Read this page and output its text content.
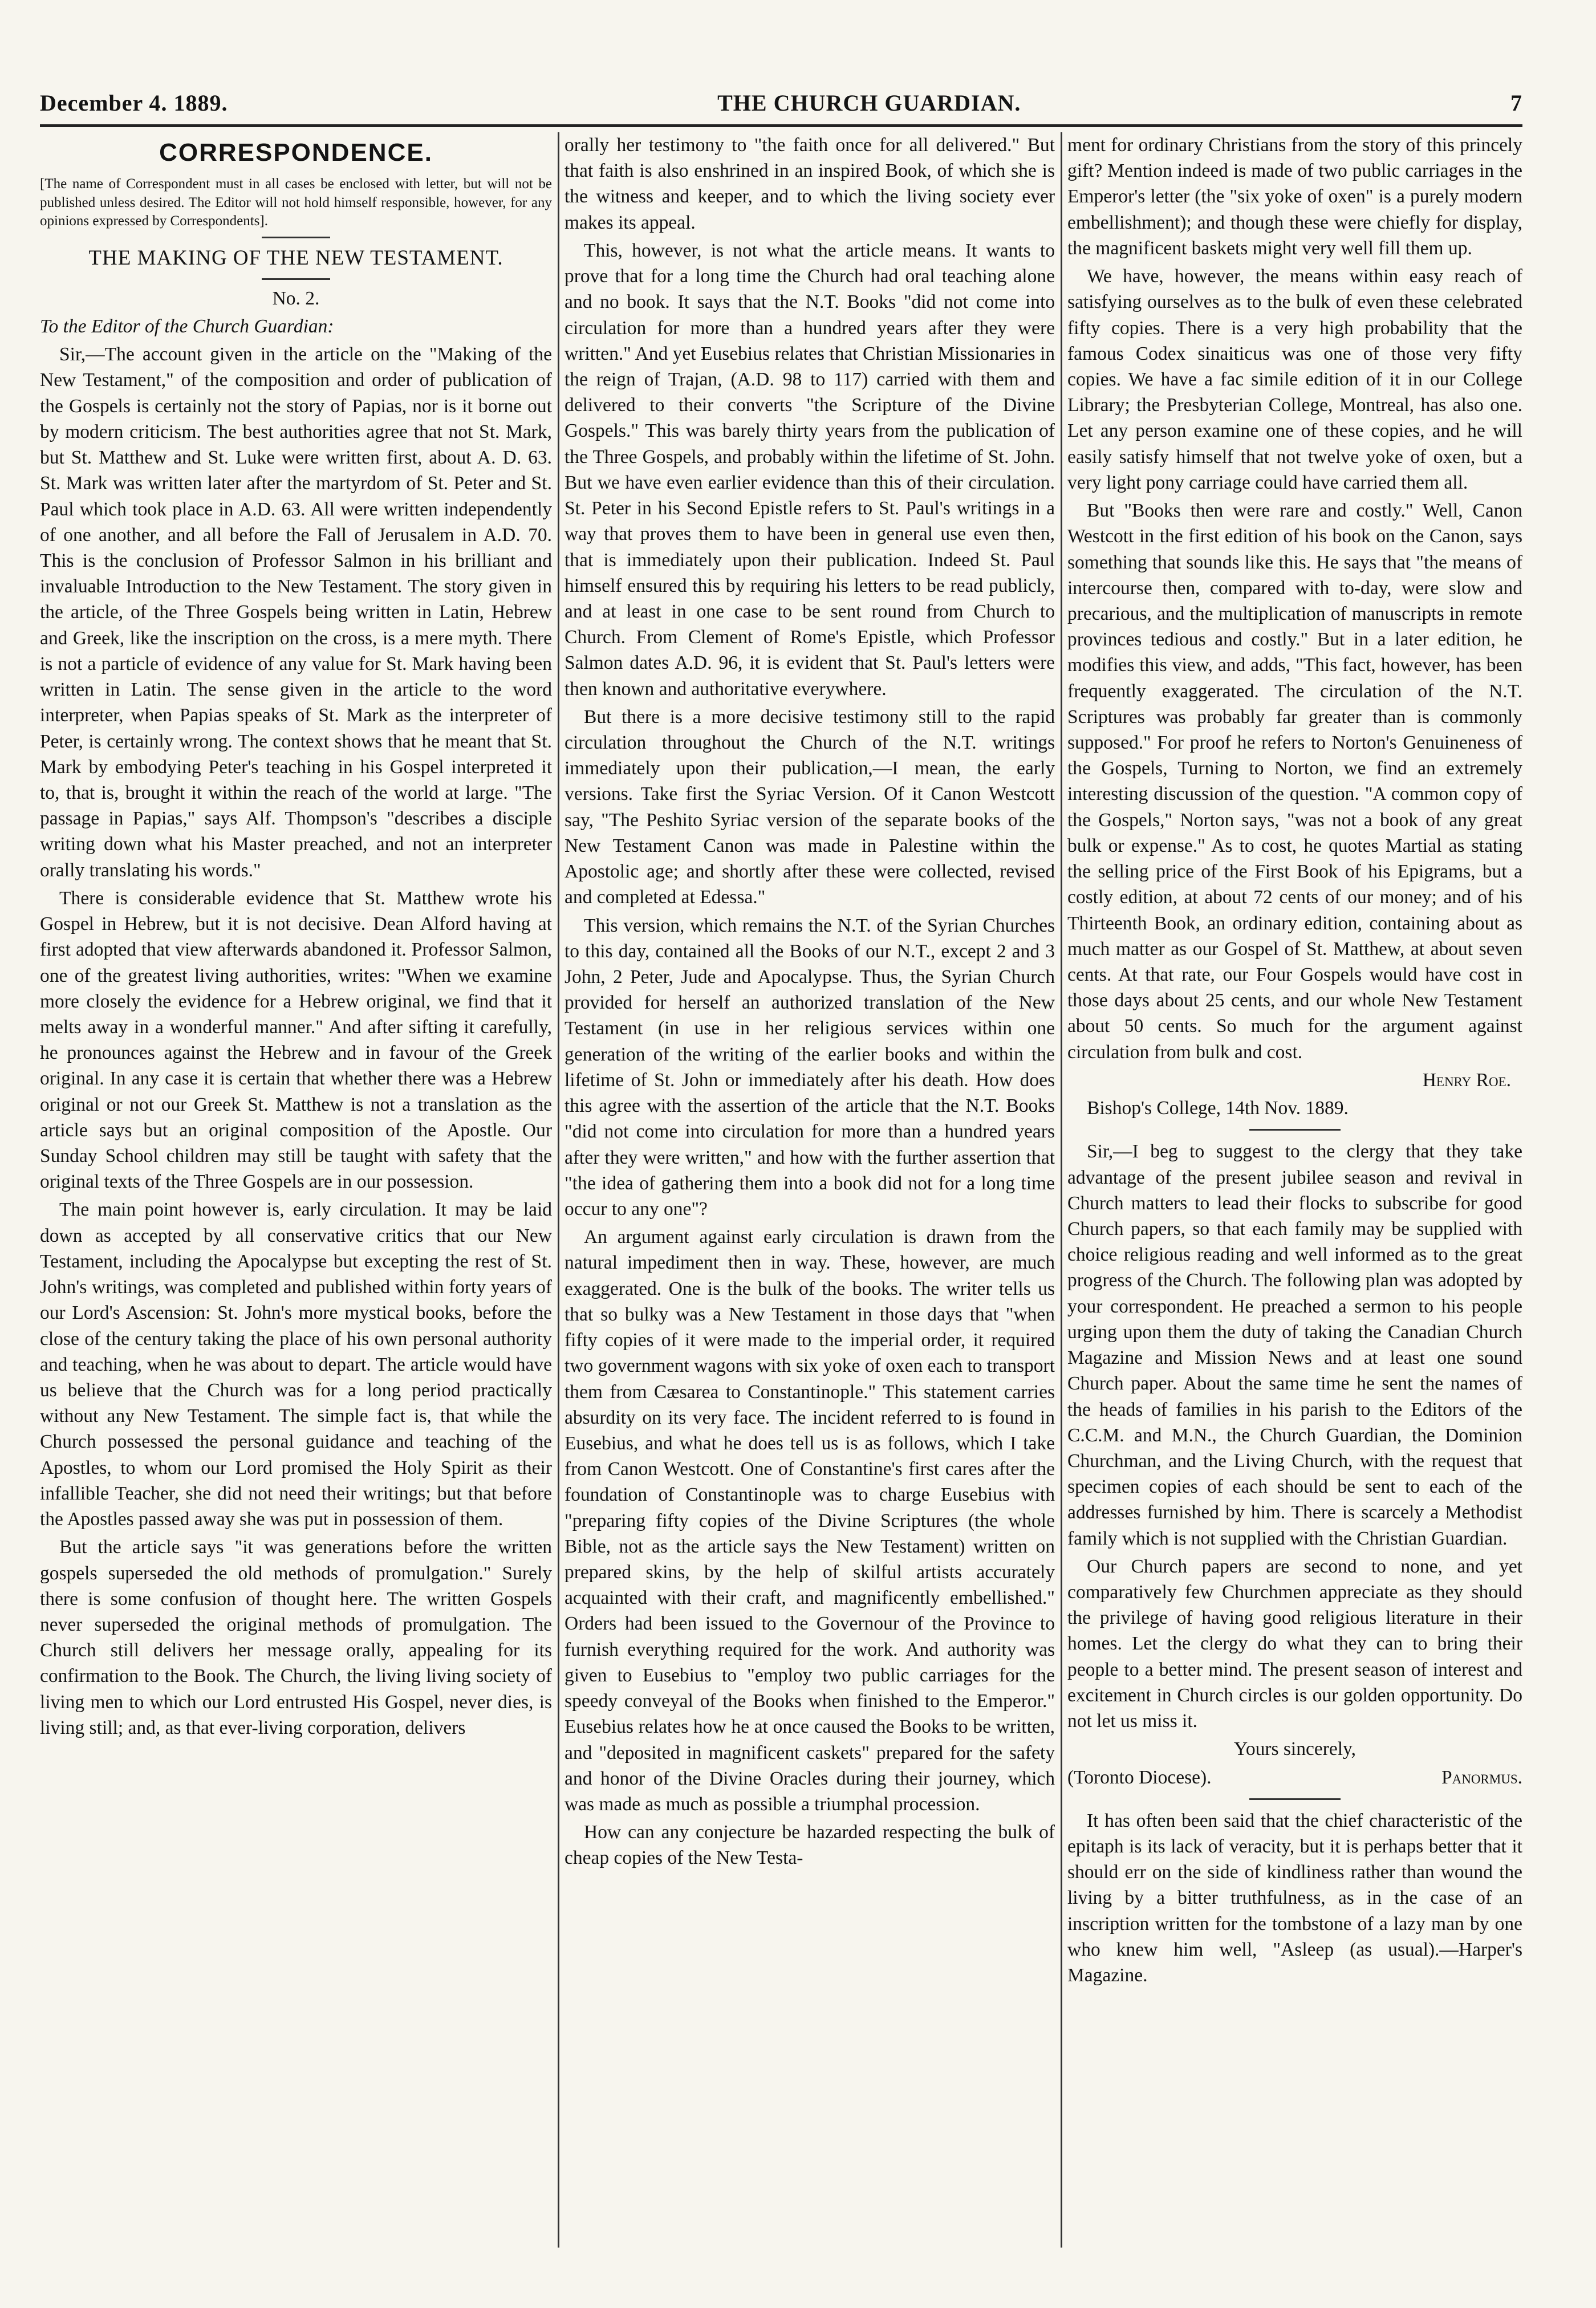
December 4. 1889.	THE CHURCH GUARDIAN.	7
CORRESPONDENCE.
[The name of Correspondent must in all cases be enclosed with letter, but will not be published unless desired. The Editor will not hold himself responsible, however, for any opinions expressed by Correspondents].
THE MAKING OF THE NEW TESTAMENT.

No. 2.

To the Editor of the Church Guardian:

Sir,—The account given in the article on the "Making of the New Testament," of the composition and order of publication of the Gospels is certainly not the story of Papias, nor is it borne out by modern criticism. The best authorities agree that not St. Mark, but St. Matthew and St. Luke were written first, about A. D. 63. St. Mark was written later after the martyrdom of St. Peter and St. Paul which took place in A.D. 63. All were written independently of one another, and all before the Fall of Jerusalem in A.D. 70. This is the conclusion of Professor Salmon in his brilliant and invaluable Introduction to the New Testament. The story given in the article, of the Three Gospels being written in Latin, Hebrew and Greek, like the inscription on the cross, is a mere myth. There is not a particle of evidence of any value for St. Mark having been written in Latin. The sense given in the article to the word interpreter, when Papias speaks of St. Mark as the interpreter of Peter, is certainly wrong. The context shows that he meant that St. Mark by embodying Peter's teaching in his Gospel interpreted it to, that is, brought it within the reach of the world at large. "The passage in Papias," says Alf. Thompson's "describes a disciple writing down what his Master preached, and not an interpreter orally translating his words."

There is considerable evidence that St. Matthew wrote his Gospel in Hebrew, but it is not decisive. Dean Alford having at first adopted that view afterwards abandoned it. Professor Salmon, one of the greatest living authorities, writes: "When we examine more closely the evidence for a Hebrew original, we find that it melts away in a wonderful manner." And after sifting it carefully, he pronounces against the Hebrew and in favour of the Greek original. In any case it is certain that whether there was a Hebrew original or not our Greek St. Matthew is not a translation as the article says but an original composition of the Apostle. Our Sunday School children may still be taught with safety that the original texts of the Three Gospels are in our possession.

The main point however is, early circulation. It may be laid down as accepted by all conservative critics that our New Testament, including the Apocalypse but excepting the rest of St. John's writings, was completed and published within forty years of our Lord's Ascension: St. John's more mystical books, before the close of the century taking the place of his own personal authority and teaching, when he was about to depart. The article would have us believe that the Church was for a long period practically without any New Testament. The simple fact is, that while the Church possessed the personal guidance and teaching of the Apostles, to whom our Lord promised the Holy Spirit as their infallible Teacher, she did not need their writings; but that before the Apostles passed away she was put in possession of them.

But the article says "it was generations before the written gospels superseded the old methods of promulgation." Surely there is some confusion of thought here. The written Gospels never superseded the original methods of promulgation. The Church still delivers her message orally, appealing for its confirmation to the Book. The Church, the living living society of living men to which our Lord entrusted His Gospel, never dies, is living still; and, as that ever-living corporation, delivers

orally her testimony to "the faith once for all delivered." But that faith is also enshrined in an inspired Book, of which she is the witness and keeper, and to which the living society ever makes its appeal.

This, however, is not what the article means. It wants to prove that for a long time the Church had oral teaching alone and no book. It says that the N.T. Books "did not come into circulation for more than a hundred years after they were written." And yet Eusebius relates that Christian Missionaries in the reign of Trajan, (A.D. 98 to 117) carried with them and delivered to their converts "the Scripture of the Divine Gospels." This was barely thirty years from the publication of the Three Gospels, and probably within the lifetime of St. John. But we have even earlier evidence than this of their circulation. St. Peter in his Second Epistle refers to St. Paul's writings in a way that proves them to have been in general use even then, that is immediately upon their publication. Indeed St. Paul himself ensured this by requiring his letters to be read publicly, and at least in one case to be sent round from Church to Church. From Clement of Rome's Epistle, which Professor Salmon dates A.D. 96, it is evident that St. Paul's letters were then known and authoritative everywhere.

But there is a more decisive testimony still to the rapid circulation throughout the Church of the N.T. writings immediately upon their publication,—I mean, the early versions. Take first the Syriac Version. Of it Canon Westcott say, "The Peshito Syriac version of the separate books of the New Testament Canon was made in Palestine within the Apostolic age; and shortly after these were collected, revised and completed at Edessa."

This version, which remains the N.T. of the Syrian Churches to this day, contained all the Books of our N.T., except 2 and 3 John, 2 Peter, Jude and Apocalypse. Thus, the Syrian Church provided for herself an authorized translation of the New Testament (in use in her religious services within one generation of the writing of the earlier books and within the lifetime of St. John or immediately after his death. How does this agree with the assertion of the article that the N.T. Books "did not come into circulation for more than a hundred years after they were written," and how with the further assertion that "the idea of gathering them into a book did not for a long time occur to any one"?

An argument against early circulation is drawn from the natural impediment then in way. These, however, are much exaggerated. One is the bulk of the books. The writer tells us that so bulky was a New Testament in those days that "when fifty copies of it were made to the imperial order, it required two government wagons with six yoke of oxen each to transport them from Cæsarea to Constantinople." This statement carries absurdity on its very face. The incident referred to is found in Eusebius, and what he does tell us is as follows, which I take from Canon Westcott. One of Constantine's first cares after the foundation of Constantinople was to charge Eusebius with "preparing fifty copies of the Divine Scriptures (the whole Bible, not as the article says the New Testament) written on prepared skins, by the help of skilful artists accurately acquainted with their craft, and magnificently embellished." Orders had been issued to the Governour of the Province to furnish everything required for the work. And authority was given to Eusebius to "employ two public carriages for the speedy conveyal of the Books when finished to the Emperor." Eusebius relates how he at once caused the Books to be written, and "deposited in magnificent caskets" prepared for the safety and honor of the Divine Oracles during their journey, which was made as much as possible a triumphal procession.

How can any conjecture be hazarded respecting the bulk of cheap copies of the New Testa-

ment for ordinary Christians from the story of this princely gift? Mention indeed is made of two public carriages in the Emperor's letter (the "six yoke of oxen" is a purely modern embellishment); and though these were chiefly for display, the magnificent baskets might very well fill them up.

We have, however, the means within easy reach of satisfying ourselves as to the bulk of even these celebrated fifty copies. There is a very high probability that the famous Codex sinaiticus was one of those very fifty copies. We have a fac simile edition of it in our College Library; the Presbyterian College, Montreal, has also one. Let any person examine one of these copies, and he will easily satisfy himself that not twelve yoke of oxen, but a very light pony carriage could have carried them all.

But "Books then were rare and costly." Well, Canon Westcott in the first edition of his book on the Canon, says something that sounds like this. He says that "the means of intercourse then, compared with to-day, were slow and precarious, and the multiplication of manuscripts in remote provinces tedious and costly." But in a later edition, he modifies this view, and adds, "This fact, however, has been frequently exaggerated. The circulation of the N.T. Scriptures was probably far greater than is commonly supposed." For proof he refers to Norton's Genuineness of the Gospels, Turning to Norton, we find an extremely interesting discussion of the question. "A common copy of the Gospels," Norton says, "was not a book of any great bulk or expense." As to cost, he quotes Martial as stating the selling price of the First Book of his Epigrams, but a costly edition, at about 72 cents of our money; and of his Thirteenth Book, an ordinary edition, containing about as much matter as our Gospel of St. Matthew, at about seven cents. At that rate, our Four Gospels would have cost in those days about 25 cents, and our whole New Testament about 50 cents. So much for the argument against circulation from bulk and cost.

Henry Roe.

Bishop's College, 14th Nov. 1889.

Sir,—I beg to suggest to the clergy that they take advantage of the present jubilee season and revival in Church matters to lead their flocks to subscribe for good Church papers, so that each family may be supplied with choice religious reading and well informed as to the great progress of the Church. The following plan was adopted by your correspondent. He preached a sermon to his people urging upon them the duty of taking the Canadian Church Magazine and Mission News and at least one sound Church paper. About the same time he sent the names of the heads of families in his parish to the Editors of the C.C.M. and M.N., the Church Guardian, the Dominion Churchman, and the Living Church, with the request that specimen copies of each should be sent to each of the addresses furnished by him. There is scarcely a Methodist family which is not supplied with the Christian Guardian.

Our Church papers are second to none, and yet comparatively few Churchmen appreciate as they should the privilege of having good religious literature in their homes. Let the clergy do what they can to bring their people to a better mind. The present season of interest and excitement in Church circles is our golden opportunity. Do not let us miss it.

Yours sincerely,

(Toronto Diocese).	Panormus.

It has often been said that the chief characteristic of the epitaph is its lack of veracity, but it is perhaps better that it should err on the side of kindliness rather than wound the living by a bitter truthfulness, as in the case of an inscription written for the tombstone of a lazy man by one who knew him well, "Asleep (as usual).—Harper's Magazine.
